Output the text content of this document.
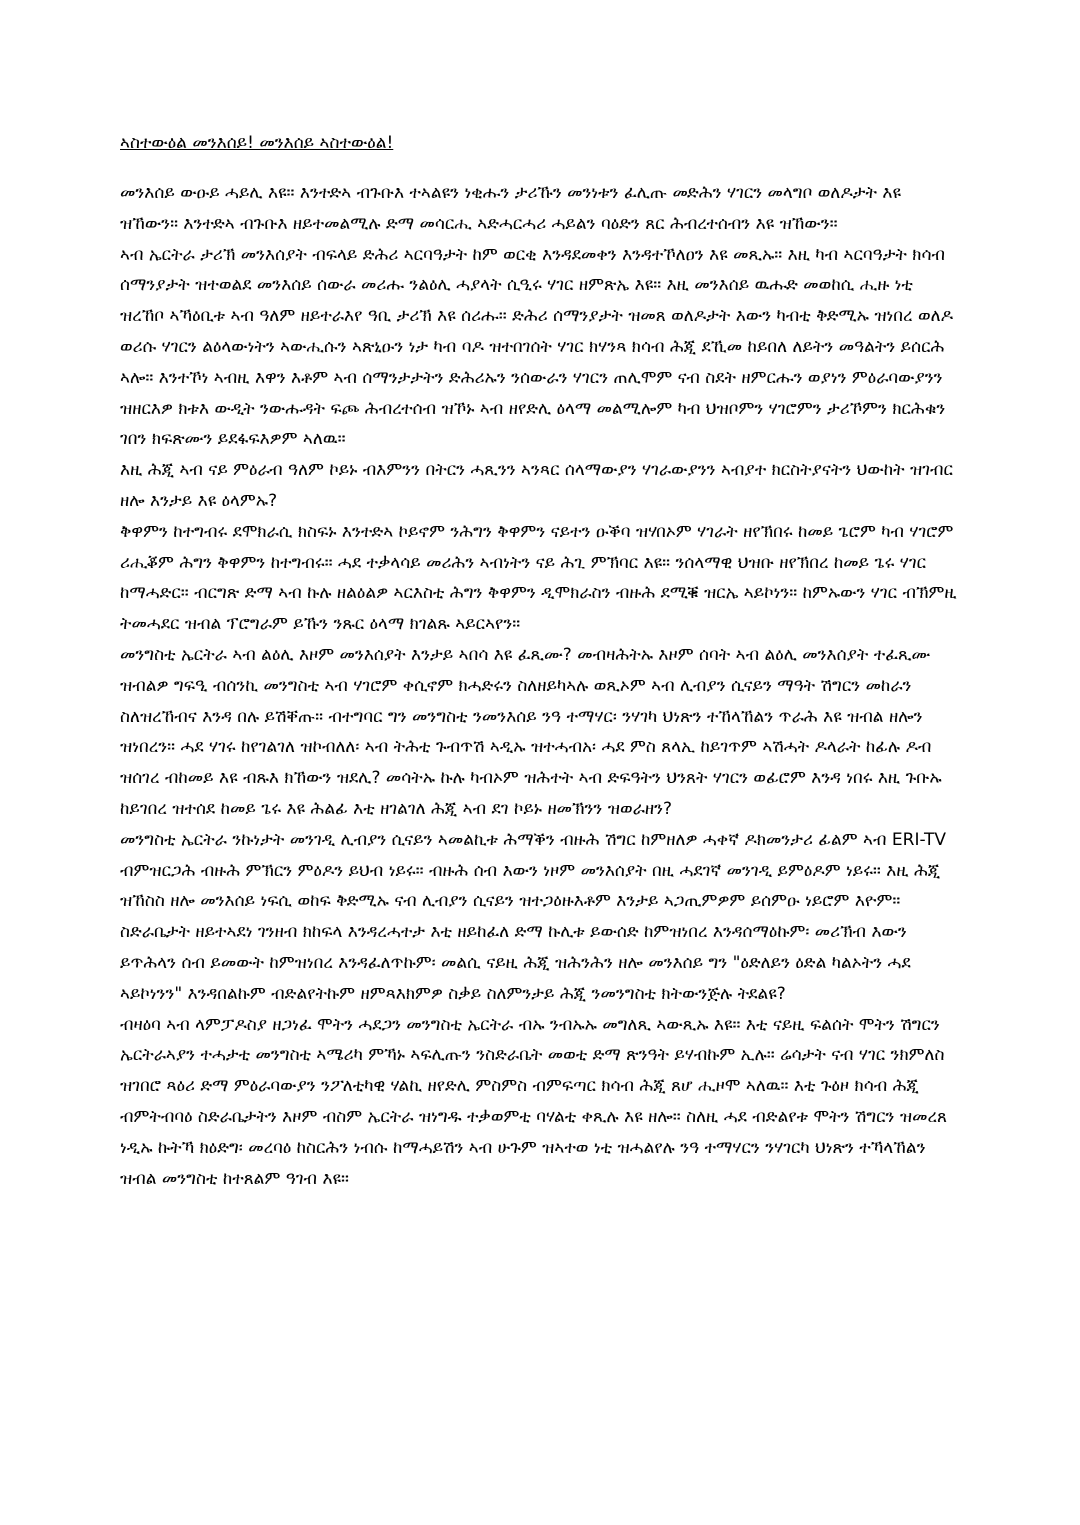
ኣስተውዕል መንእሰይ! መንእሰይ ኣስተውዕል!

መንእሰይ ውዑይ ሓይሊ እዩ። እንተድኣ ብጉቡእ ተኣልዩን ነቂሑን ታሪኹን መንነቱን ፈሊጡ መድሕን ሃገርን መላግቦ ወለዶታት እዩ ዝኸውን። እንተድኣ ብጉቡእ ዘይተመልሚሉ ድማ መሳርሒ ኣድሓርሓሪ ሓይልን ባዕድን ጸር ሕብረተሰብን እዩ ዝኸውን።

ኣብ ኤርትራ ታሪኽ መንእሰያት ብፍላይ ድሕሪ ኣርባዓታት ከም ወርቂ እንዳደመቀን እንዳተኾለዐን እዩ መጺኡ። እዚ ካብ ኣርባዓታት ክሳብ ሰማንያታት ዝተወልደ መንእሰይ ሰውራ መሪሑ ንልዕሊ ሓያላት ሲዒሩ ሃገር ዘምጽኤ እዩ። እዚ መንእሰይ ዉሑድ መወከሲ ሒዙ ነቲ ዝረኸቦ ኣኻዕቢቱ ኣብ ዓለም ዘይተራእየ ዓቢ ታሪኽ እዩ ሰሪሑ። ድሕሪ ሰማንያታት ዝመጸ ወለዶታት እውን ካብቲ ቅድሚኡ ዝነበረ ወለዶ ወሪሱ ሃገርን ልዕላውነትን ኣውሒሱን ኣጽኒዑን ነታ ካብ ባዶ ዝተበገሰት ሃገር ክሃንጻ ክሳብ ሕጂ ደኺመ ከይበለ ለይትን መዓልትን ይሰርሕ ኣሎ። እንተኾነ ኣብዚ እዋን እቶም ኣብ ሰማንታታትን ድሕሪኡን ንሰውራን ሃገርን ጠሊሞም ናብ ስደት ዘምርሑን ወያነን ምዕራባውያንን ዝዘርእዎ ክቱእ ውዲት ንውሑዳት ፍጮ ሕብረተሰብ ዝኾኑ ኣብ ዘየድሊ ዕላማ መልሚሎም ካብ ህዝቦምን ሃገሮምን ታሪኾምን ክርሕቁን ገበን ክፍጽሙን ይደፋፍእዎም ኣለዉ።

እዚ ሕጂ ኣብ ናይ ምዕራብ ዓለም ኮይኑ ብእምንን በትርን ሓጺንን ኣንጻር ሰላማውያን ሃገራውያንን ኣብያተ ክርስትያናትን ህውከት ዝገብር ዘሎ እንታይ እዩ ዕላምኡ?

ቅዋምን ከተግብሩ ደሞክራሲ ክስፍኑ እንተድኣ ኮይኖም ንሕግን ቅዋምን ናይተን ዑቕባ ዝሃበኦም ሃገራት ዘየኽበሩ ከመይ ጌሮም ካብ ሃገሮም ሪሒቖም ሕግን ቅዋምን ከተግብሩ። ሓደ ተቃላሳይ መሪሕን ኣብነትን ናይ ሕጊ ምኽባር እዩ። ንሰላማዊ ህዝቡ ዘየኽበረ ከመይ ጌሩ ሃገር ከማሓድር። ብርግጽ ድማ ኣብ ኩሉ ዘልዕልዎ ኣርእስቲ ሕግን ቅዋምን ዲሞክራስን ብዙሕ ደሚቑ ዝርኤ ኣይኮነን። ከምኡውን ሃገር ብኽምዚ ትመሓደር ዝብል ፕሮግራም ይኹን ንጹር ዕላማ ክገልጹ ኣይርኣየን።

መንግስቲ ኤርትራ ኣብ ልዕሊ እዞም መንእሰያት እንታይ ኣበሳ እዩ ፈጺሙ? መብዛሕትኡ እዞም ሰባት ኣብ ልዕሊ መንእሰያት ተፈጺሙ ዝብልዎ ግፍዒ ብሰንኪ መንግስቲ ኣብ ሃገሮም ቀሲኖም ክሓድሩን ስለዘይካኣሉ ወጺኦም ኣብ ሊብያን ሲናይን ማዓት ሽግርን መከራን ስለዝረኸብና እንዳ በሉ ይሽቐጡ። ብተግባር ግን መንግስቲ ንመንእሰይ ንዓ ተማሃር፡ ንሃገካ ህነጽን ተኸላኸልን ጥራሕ እዩ ዝብል ዘሎን ዝነበረን። ሓደ ሃገሩ ከየገልገለ ዝኮብለለ፡ ኣብ ትሕቲ ጉብጥሽ ኣዲኡ ዝተሓብአ፡ ሓደ ምስ ጸላኢ ከይገጥም ኣሽሓት ዶላራት ከፊሉ ዶብ ዝሰገረ ብከመይ እዩ ብጹእ ክኸውን ዝደሊ? መሳትኡ ኩሉ ካብኦም ዝሕተት ኣብ ድፍዓትን ህንጸት ሃገርን ወፊሮም እንዳ ነበሩ እዚ ጉቡኡ ከይገበረ ዝተሰደ ከመይ ጌሩ እዩ ሕልፊ እቲ ዘገልገለ ሕጂ ኣብ ደገ ኮይኑ ዘመኽንን ዝወራዘን?

መንግስቲ ኤርትራ ንኩነታት መንገዲ ሊብያን ሲናይን ኣመልኪቱ ሕማቕን ብዙሕ ሽግር ከምዘለዎ ሓቀኛ ዶክመንታሪ ፊልም ኣብ ERI-TV ብምዝርጋሕ ብዙሕ ምኽርን ምዕዶን ይህብ ነይሩ። ብዙሕ ሰብ እውን ነዞም መንእሰያት በዚ ሓደገኛ መንገዲ ይምዕዶም ነይሩ። እዚ ሕጂ ዝኸስስ ዘሎ መንእሰይ ነፍሲ ወከፍ ቅድሚኡ ናብ ሊብያን ሲናይን ዝተጋዕዙእቶም እንታይ ኣጋጢምዎም ይሰምዑ ነይሮም እዮም። ስድራቤታት ዘይተኣደነ ገንዘብ ክከፍላ እንዳረሓተታ እቲ ዘይከፈለ ድማ ኩሊቱ ይውሰድ ከምዝነበረ እንዳሰማዕኩም፡ መሪኽብ እውን ይጥሕላን ሰብ ይመውት ከምዝነበረ እንዳፈለጥኩም፡ መልሲ ናይዚ ሕጂ ዝሕንሕን ዘሎ መንእሰይ ግን "ዕድለይን ዕድል ካልኦትን ሓደ ኣይኮነንን" እንዳበልኩም ብድልየትኩም ዘምጻእክምዎ ስቃይ ስለምንታይ ሕጂ ንመንግስቲ ክትውንጅሉ ትደልዩ?

ብዛዕባ ኣብ ላምፓዶስያ ዘጋነፈ ሞትን ሓደጋን መንግስቲ ኤርትራ ብኡ ንብኡኡ መግለጺ ኣውጺኡ እዩ። እቲ ናይዚ ፍልሰት ሞትን ሽግርን ኤርትራኣያን ተሓታቲ መንግስቲ ኣሜሪካ ምኻኑ ኣፍሊጡን ንስድራቤት መወቲ ድማ ጽንዓት ይሃብኩም ኢሉ። ሬሳታት ናብ ሃገር ንክምለስ ዝገበሮ ጻዕሪ ድማ ምዕራባውያን ንፖለቲካዊ ሃልኪ ዘየድሊ ምስምስ ብምፍጣር ክሳብ ሕጂ ጸሆ ሒዞሞ ኣለዉ። እቲ ጉዕዞ ክሳብ ሕጂ ብምትብባዕ ስድራቤታትን እዞም ብስም ኤርትራ ዝነግዱ ተቃወምቲ ባሃልቲ ቀጺሉ እዩ ዘሎ። ስለዚ ሓደ ብድልየቱ ሞትን ሽግርን ዝመረጸ ነዲኡ ኩትኻ ክዕድግ፡ መረባዕ ከስርሕን ነብሱ ከማሓይሽን ኣብ ሁጉም ዝኣተወ ነቲ ዝሓልየሉ ንዓ ተማሃርን ንሃገርካ ህነጽን ተኻላኸልን ዝብል መንግስቲ ከተጸልም ዓገብ እዩ።
